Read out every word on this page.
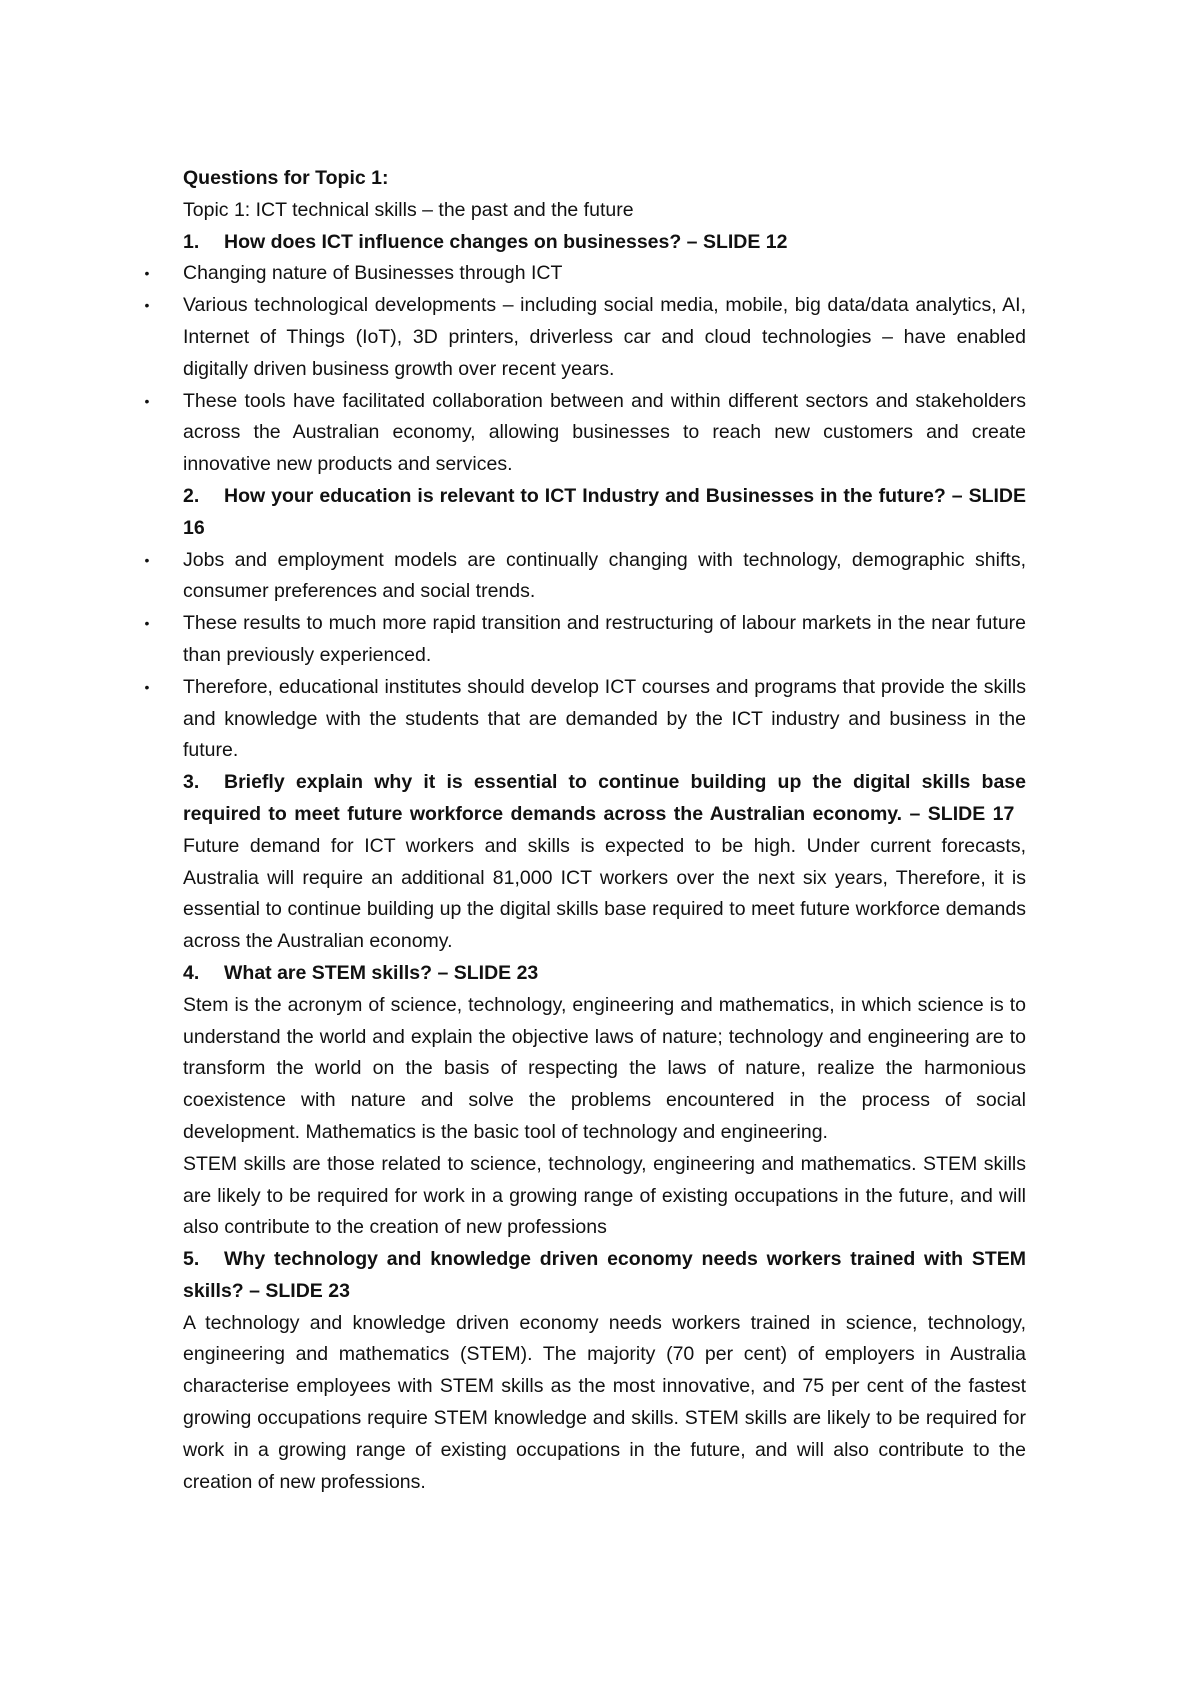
Questions for Topic 1:

Topic 1: ICT technical skills – the past and the future

1.	How does ICT influence changes on businesses? – SLIDE 12
• Changing nature of Businesses through ICT
• Various technological developments – including social media, mobile, big data/data analytics, AI, Internet of Things (IoT), 3D printers, driverless car and cloud technologies – have enabled digitally driven business growth over recent years.
• These tools have facilitated collaboration between and within different sectors and stakeholders across the Australian economy, allowing businesses to reach new customers and create innovative new products and services.
2. How your education is relevant to ICT Industry and Businesses in the future? – SLIDE 16
• Jobs and employment models are continually changing with technology, demographic shifts, consumer preferences and social trends.
• These results to much more rapid transition and restructuring of labour markets in the near future than previously experienced.
• Therefore, educational institutes should develop ICT courses and programs that provide the skills and knowledge with the students that are demanded by the ICT industry and business in the future.
3. Briefly explain why it is essential to continue building up the digital skills base required to meet future workforce demands across the Australian economy. – SLIDE 17

Future demand for ICT workers and skills is expected to be high. Under current forecasts, Australia will require an additional 81,000 ICT workers over the next six years, Therefore, it is essential to continue building up the digital skills base required to meet future workforce demands across the Australian economy.

4.	What are STEM skills? – SLIDE 23

Stem is the acronym of science, technology, engineering and mathematics, in which science is to understand the world and explain the objective laws of nature; technology and engineering are to transform the world on the basis of respecting the laws of nature, realize the harmonious coexistence with nature and solve the problems encountered in the process of social development. Mathematics is the basic tool of technology and engineering.

STEM skills are those related to science, technology, engineering and mathematics. STEM skills are likely to be required for work in a growing range of existing occupations in the future, and will also contribute to the creation of new professions

5. Why technology and knowledge driven economy needs workers trained with STEM skills? – SLIDE 23

A technology and knowledge driven economy needs workers trained in science, technology, engineering and mathematics (STEM). The majority (70 per cent) of employers in Australia characterise employees with STEM skills as the most innovative, and 75 per cent of the fastest growing occupations require STEM knowledge and skills. STEM skills are likely to be required for work in a growing range of existing occupations in the future, and will also contribute to the creation of new professions.
